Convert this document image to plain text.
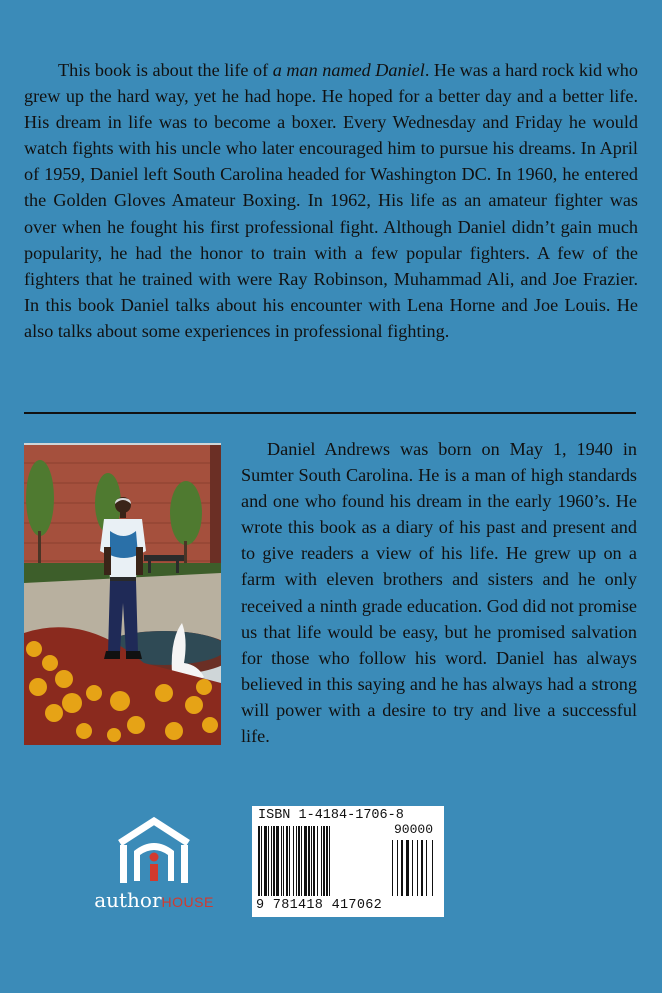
This book is about the life of a man named Daniel. He was a hard rock kid who grew up the hard way, yet he had hope. He hoped for a better day and a better life. His dream in life was to become a boxer. Every Wednesday and Friday he would watch fights with his uncle who later encouraged him to pursue his dreams. In April of 1959, Daniel left South Carolina headed for Washington DC. In 1960, he entered the Golden Gloves Amateur Boxing. In 1962, His life as an amateur fighter was over when he fought his first professional fight. Although Daniel didn’t gain much popularity, he had the honor to train with a few popular fighters. A few of the fighters that he trained with were Ray Robinson, Muhammad Ali, and Joe Frazier. In this book Daniel talks about his encounter with Lena Horne and Joe Louis. He also talks about some experiences in professional fighting.

Daniel Andrews was born on May 1, 1940 in Sumter South Carolina. He is a man of high standards and one who found his dream in the early 1960’s. He wrote this book as a diary of his past and present and to give readers a view of his life. He grew up on a farm with eleven brothers and sisters and he only received a ninth grade education. God did not promise us that life would be easy, but he promised salvation for those who follow his word. Daniel has always believed in this saying and he has always had a strong will power with a desire to try and live a successful life.

authorHOUSE
ISBN 1-4184-1706-8
90000
9 781418 417062
